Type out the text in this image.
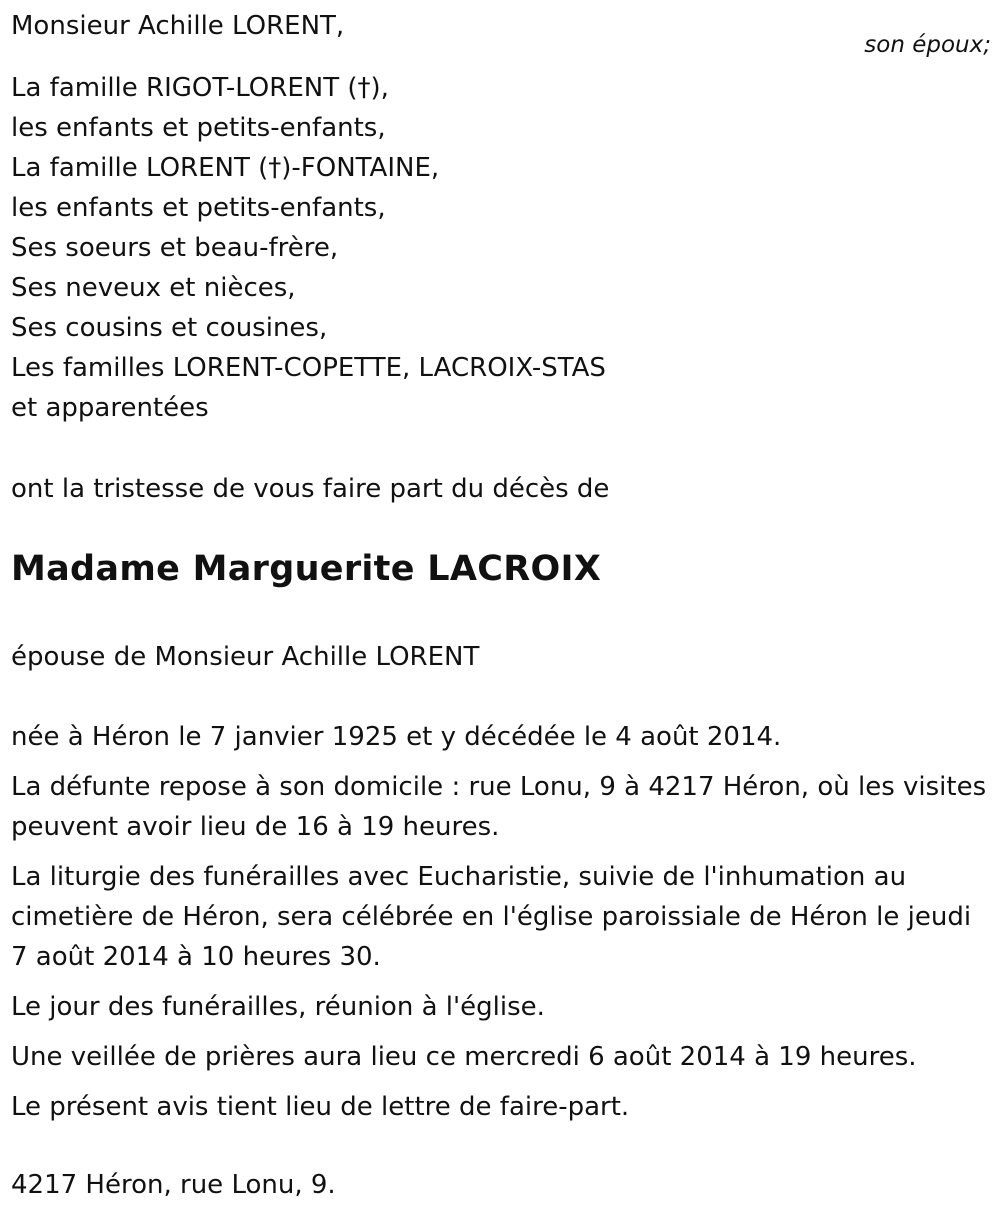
Monsieur Achille LORENT,
son époux;
La famille RIGOT-LORENT (†),
les enfants et petits-enfants,
La famille LORENT (†)-FONTAINE,
les enfants et petits-enfants,
Ses soeurs et beau-frère,
Ses neveux et nièces,
Ses cousins et cousines,
Les familles LORENT-COPETTE, LACROIX-STAS
et apparentées
ont la tristesse de vous faire part du décès de
Madame Marguerite LACROIX
épouse de Monsieur Achille LORENT

née à Héron le 7 janvier 1925 et y décédée le 4 août 2014.

La défunte repose à son domicile : rue Lonu, 9 à 4217 Héron, où les visites peuvent avoir lieu de 16 à 19 heures.

La liturgie des funérailles avec Eucharistie, suivie de l'inhumation au cimetière de Héron, sera célébrée en l'église paroissiale de Héron le jeudi 7 août 2014 à 10 heures 30.

Le jour des funérailles, réunion à l'église.

Une veillée de prières aura lieu ce mercredi 6 août 2014 à 19 heures.

Le présent avis tient lieu de lettre de faire-part.

4217 Héron, rue Lonu, 9.
